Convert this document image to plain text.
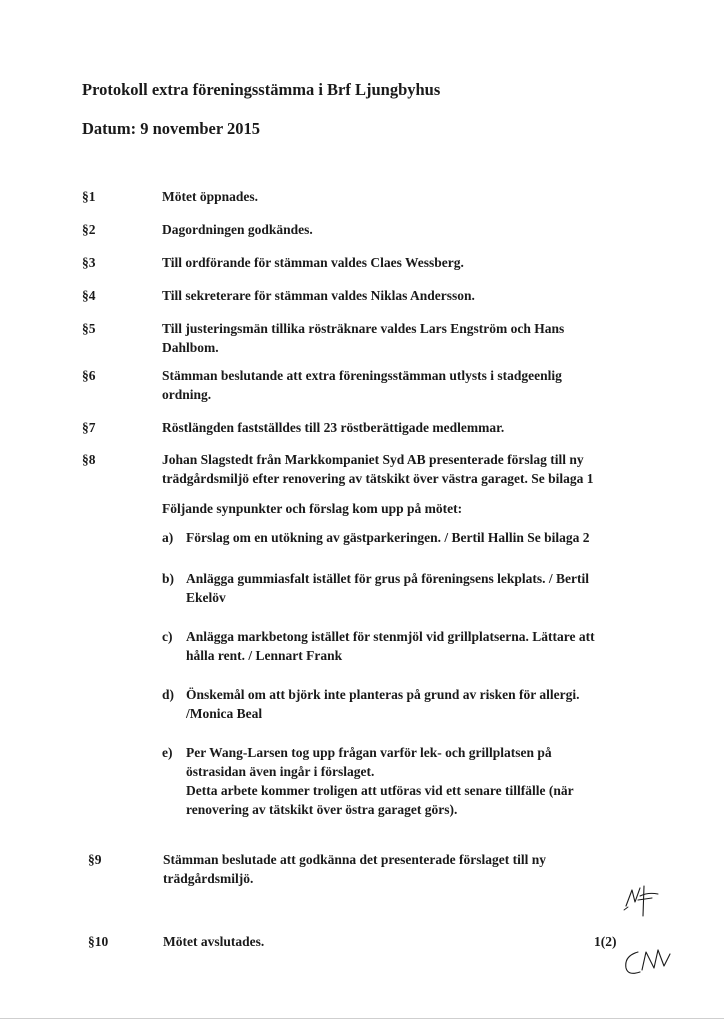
Protokoll extra föreningsstämma i Brf Ljungbyhus
Datum: 9 november 2015
§1	Mötet öppnades.
§2	Dagordningen godkändes.
§3	Till ordförande för stämman valdes Claes Wessberg.
§4	Till sekreterare för stämman valdes Niklas Andersson.
§5	Till justeringsmän tillika rösträknare valdes Lars Engström och Hans
Dahlbom.
§6	Stämman beslutande att extra föreningsstämman utlysts i stadgeenlig
ordning.
§7	Röstlängden fastställdes till 23 röstberättigade medlemmar.
§8	Johan Slagstedt från Markkompaniet Syd AB presenterade förslag till ny
trädgårdsmiljö efter renovering av tätskikt över västra garaget. Se bilaga 1
Följande synpunkter och förslag kom upp på mötet:
a) Förslag om en utökning av gästparkeringen. / Bertil Hallin Se bilaga 2
b) Anlägga gummiasfalt istället för grus på föreningsens lekplats. / Bertil
Ekelöv
c) Anlägga markbetong istället för stenmjöl vid grillplatserna. Lättare att
hålla rent. / Lennart Frank
d) Önskemål om att björk inte planteras på grund av risken för allergi.
/Monica Beal
e) Per Wang-Larsen tog upp frågan varför lek- och grillplatsen på
östrasidan även ingår i förslaget.
Detta arbete kommer troligen att utföras vid ett senare tillfälle (när
renovering av tätskikt över östra garaget görs).
§9	Stämman beslutade att godkänna det presenterade förslaget till ny
trädgårdsmiljö.
§10	Mötet avslutades.	1(2)
